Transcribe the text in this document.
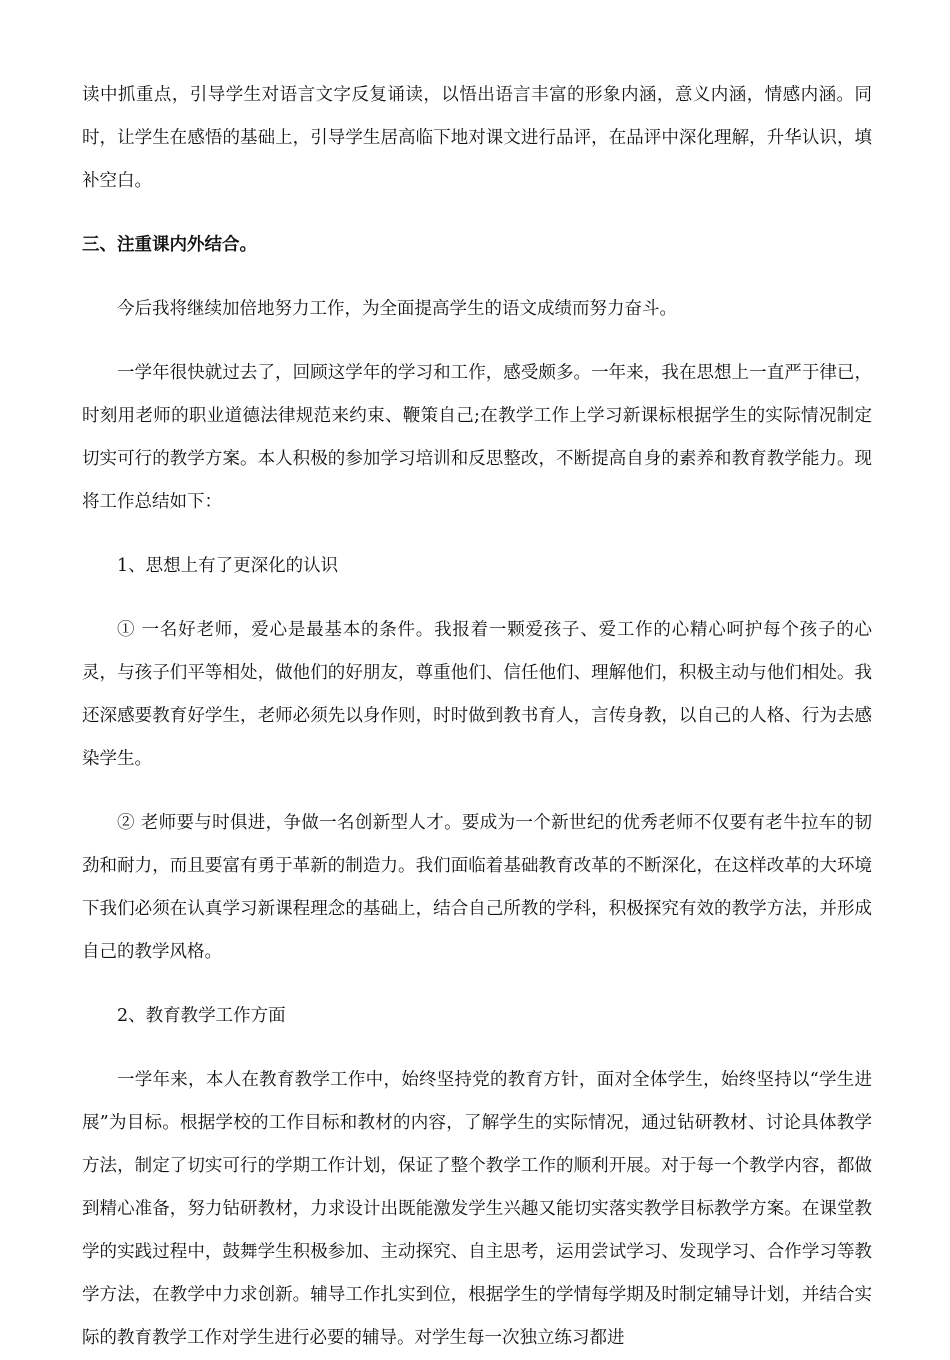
读中抓重点，引导学生对语言文字反复诵读，以悟出语言丰富的形象内涵，意义内涵，情感内涵。同时，让学生在感悟的基础上，引导学生居高临下地对课文进行品评，在品评中深化理解，升华认识，填补空白。

三、注重课内外结合。

今后我将继续加倍地努力工作，为全面提高学生的语文成绩而努力奋斗。

一学年很快就过去了，回顾这学年的学习和工作，感受颇多。一年来，我在思想上一直严于律已，时刻用老师的职业道德法律规范来约束、鞭策自己;在教学工作上学习新课标根据学生的实际情况制定切实可行的教学方案。本人积极的参加学习培训和反思整改，不断提高自身的素养和教育教学能力。现将工作总结如下：

1、思想上有了更深化的认识

① 一名好老师，爱心是最基本的条件。我报着一颗爱孩子、爱工作的心精心呵护每个孩子的心灵，与孩子们平等相处，做他们的好朋友，尊重他们、信任他们、理解他们，积极主动与他们相处。我还深感要教育好学生，老师必须先以身作则，时时做到教书育人，言传身教，以自己的人格、行为去感染学生。

② 老师要与时俱进，争做一名创新型人才。要成为一个新世纪的优秀老师不仅要有老牛拉车的韧劲和耐力，而且要富有勇于革新的制造力。我们面临着基础教育改革的不断深化，在这样改革的大环境下我们必须在认真学习新课程理念的基础上，结合自己所教的学科，积极探究有效的教学方法，并形成自己的教学风格。

2、教育教学工作方面

一学年来，本人在教育教学工作中，始终坚持党的教育方针，面对全体学生，始终坚持以“学生进展”为目标。根据学校的工作目标和教材的内容，了解学生的实际情况，通过钻研教材、讨论具体教学方法，制定了切实可行的学期工作计划，保证了整个教学工作的顺利开展。对于每一个教学内容，都做到精心准备，努力钻研教材，力求设计出既能激发学生兴趣又能切实落实教学目标教学方案。在课堂教学的实践过程中，鼓舞学生积极参加、主动探究、自主思考，运用尝试学习、发现学习、合作学习等教学方法，在教学中力求创新。辅导工作扎实到位，根据学生的学情每学期及时制定辅导计划，并结合实际的教育教学工作对学生进行必要的辅导。对学生每一次独立练习都进
